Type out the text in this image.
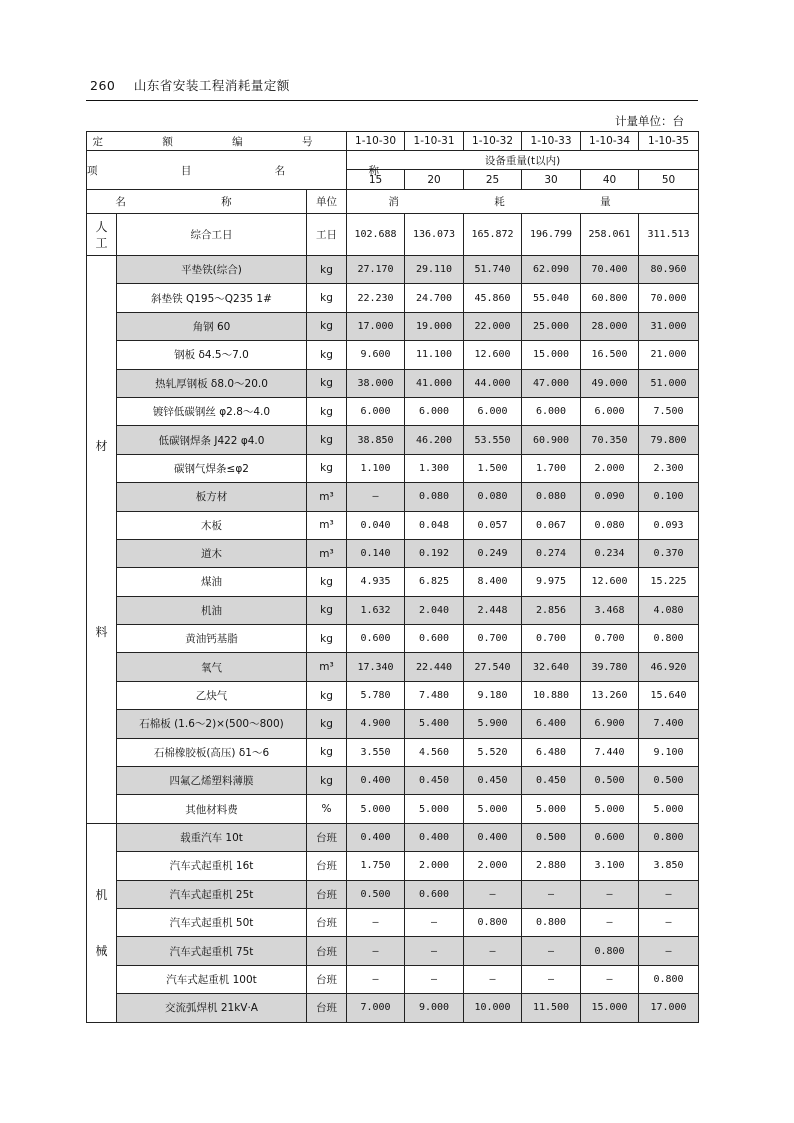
260 山东省安装工程消耗量定额
计量单位：台
定 额 编 号			1-10-30	1-10-31	1-10-32	1-10-33	1-10-34	1-10-35
项 目 名 称			设备重量(t以内)					
			15	20	25	30	40	50
名 称		单位	消 耗 量					
人工	综合工日	工日	102.688	136.073	165.872	196.799	258.061	311.513

材
料	平垫铁(综合)	kg	27.170	29.110	51.740	62.090	70.400	80.960
	斜垫铁 Q195～Q235 1#	kg	22.230	24.700	45.860	55.040	60.800	70.000
	角钢 60	kg	17.000	19.000	22.000	25.000	28.000	31.000
	钢板 δ4.5～7.0	kg	9.600	11.100	12.600	15.000	16.500	21.000
	热轧厚钢板 δ8.0～20.0	kg	38.000	41.000	44.000	47.000	49.000	51.000
	镀锌低碳钢丝 φ2.8～4.0	kg	6.000	6.000	6.000	6.000	6.000	7.500
	低碳钢焊条 J422 φ4.0	kg	38.850	46.200	53.550	60.900	70.350	79.800
	碳钢气焊条≤φ2	kg	1.100	1.300	1.500	1.700	2.000	2.300
	板方材	m³	—	0.080	0.080	0.080	0.090	0.100
	木板	m³	0.040	0.048	0.057	0.067	0.080	0.093
	道木	m³	0.140	0.192	0.249	0.274	0.234	0.370
	煤油	kg	4.935	6.825	8.400	9.975	12.600	15.225
	机油	kg	1.632	2.040	2.448	2.856	3.468	4.080
	黄油钙基脂	kg	0.600	0.600	0.700	0.700	0.700	0.800
	氧气	m³	17.340	22.440	27.540	32.640	39.780	46.920
	乙炔气	kg	5.780	7.480	9.180	10.880	13.260	15.640
	石棉板 (1.6～2)×(500～800)	kg	4.900	5.400	5.900	6.400	6.900	7.400
	石棉橡胶板(高压) δ1～6	kg	3.550	4.560	5.520	6.480	7.440	9.100
	四氟乙烯塑料薄膜	kg	0.400	0.450	0.450	0.450	0.500	0.500
	其他材料费	%	5.000	5.000	5.000	5.000	5.000	5.000

机
械	载重汽车 10t	台班	0.400	0.400	0.400	0.500	0.600	0.800
	汽车式起重机 16t	台班	1.750	2.000	2.000	2.880	3.100	3.850
	汽车式起重机 25t	台班	0.500	0.600	—	—	—	—
	汽车式起重机 50t	台班	—	—	0.800	0.800	—	—
	汽车式起重机 75t	台班	—	—	—	—	0.800	—
	汽车式起重机 100t	台班	—	—	—	—	—	0.800
	交流弧焊机 21kV·A	台班	7.000	9.000	10.000	11.500	15.000	17.000
